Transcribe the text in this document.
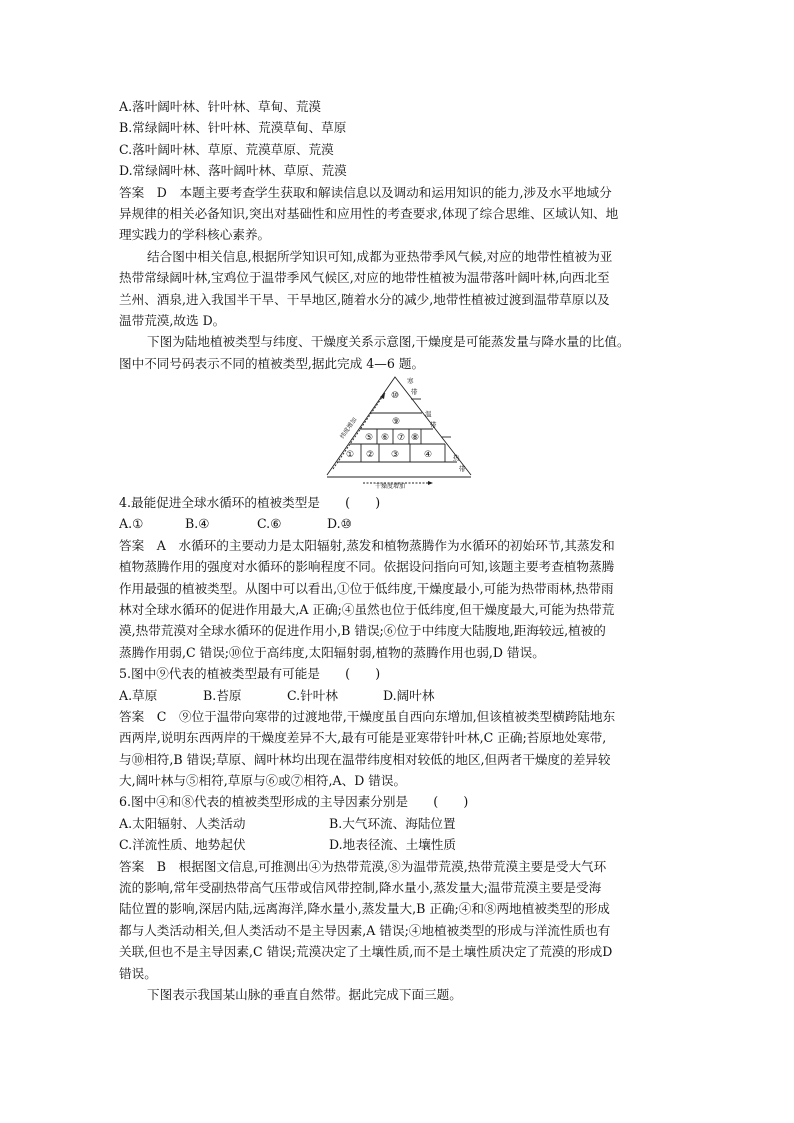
A.落叶阔叶林、针叶林、草甸、荒漠
B.常绿阔叶林、针叶林、荒漠草甸、草原
C.落叶阔叶林、草原、荒漠草原、荒漠
D.常绿阔叶林、落叶阔叶林、草原、荒漠
答案　D　本题主要考查学生获取和解读信息以及调动和运用知识的能力,涉及水平地域分
异规律的相关必备知识,突出对基础性和应用性的考查要求,体现了综合思维、区域认知、地
理实践力的学科核心素养。
结合图中相关信息,根据所学知识可知,成都为亚热带季风气候,对应的地带性植被为亚
热带常绿阔叶林,宝鸡位于温带季风气候区,对应的地带性植被为温带落叶阔叶林,向西北至
兰州、酒泉,进入我国半干旱、干旱地区,随着水分的减少,地带性植被过渡到温带草原以及
温带荒漠,故选 D。
下图为陆地植被类型与纬度、干燥度关系示意图,干燥度是可能蒸发量与降水量的比值。
图中不同号码表示不同的植被类型,据此完成 4—6 题。
⑩
⑨
⑤ ⑥ ⑦ ⑧
① ② ③	④
寒
带
温
带
热
带
纬度增加
干燥度增加
4.最能促进全球水循环的植被类型是　　(　　)
A.①	B.④	C.⑥	D.⑩
答案　A　水循环的主要动力是太阳辐射,蒸发和植物蒸腾作为水循环的初始环节,其蒸发和
植物蒸腾作用的强度对水循环的影响程度不同。依据设问指向可知,该题主要考查植物蒸腾
作用最强的植被类型。从图中可以看出,①位于低纬度,干燥度最小,可能为热带雨林,热带雨
林对全球水循环的促进作用最大,A 正确;④虽然也位于低纬度,但干燥度最大,可能为热带荒
漠,热带荒漠对全球水循环的促进作用小,B 错误;⑥位于中纬度大陆腹地,距海较远,植被的
蒸腾作用弱,C 错误;⑩位于高纬度,太阳辐射弱,植物的蒸腾作用也弱,D 错误。
5.图中⑨代表的植被类型最有可能是　　(　　)
A.草原	B.苔原	C.针叶林	D.阔叶林
答案　C　⑨位于温带向寒带的过渡地带,干燥度虽自西向东增加,但该植被类型横跨陆地东
西两岸,说明东西两岸的干燥度差异不大,最有可能是亚寒带针叶林,C 正确;苔原地处寒带,
与⑩相符,B 错误;草原、阔叶林均出现在温带纬度相对较低的地区,但两者干燥度的差异较
大,阔叶林与⑤相符,草原与⑥或⑦相符,A、D 错误。
6.图中④和⑧代表的植被类型形成的主导因素分别是　　(　　)
A.太阳辐射、人类活动	B.大气环流、海陆位置
C.洋流性质、地势起伏	D.地表径流、土壤性质
答案　B　根据图文信息,可推测出④为热带荒漠,⑧为温带荒漠,热带荒漠主要是受大气环
流的影响,常年受副热带高气压带或信风带控制,降水量小,蒸发量大;温带荒漠主要是受海
陆位置的影响,深居内陆,远离海洋,降水量小,蒸发量大,B 正确;④和⑧两地植被类型的形成
都与人类活动相关,但人类活动不是主导因素,A 错误;④地植被类型的形成与洋流性质也有
关联,但也不是主导因素,C 错误;荒漠决定了土壤性质,而不是土壤性质决定了荒漠的形成D
错误。
下图表示我国某山脉的垂直自然带。据此完成下面三题。
